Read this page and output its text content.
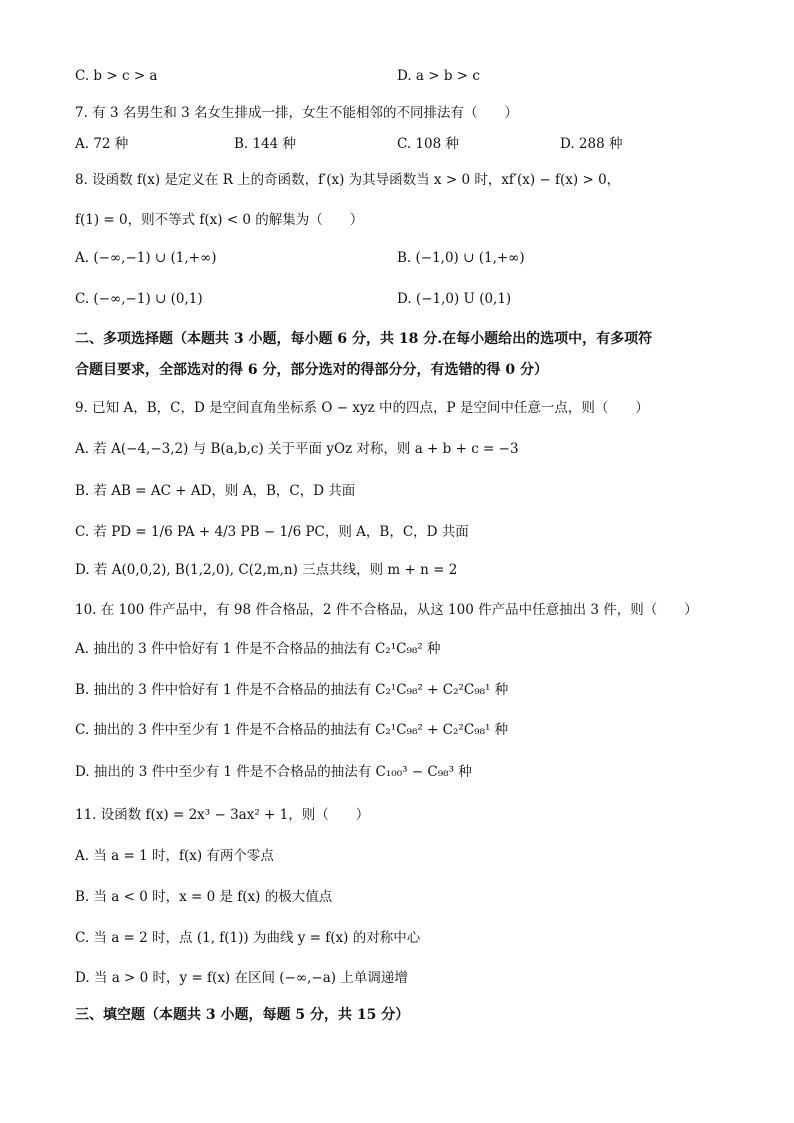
C. b > c > a	D. a > b > c
7. 有 3 名男生和 3 名女生排成一排，女生不能相邻的不同排法有（　　）
A. 72 种	B. 144 种	C. 108 种	D. 288 种
8. 设函数 f(x) 是定义在 R 上的奇函数，f′(x) 为其导函数当 x > 0 时，xf′(x) − f(x) > 0，
f(1) = 0，则不等式 f(x) < 0 的解集为（　　）
A. (−∞,−1) ∪ (1,+∞)	B. (−1,0) ∪ (1,+∞)
C. (−∞,−1) ∪ (0,1)	D. (−1,0) U (0,1)
二、多项选择题（本题共 3 小题，每小题 6 分，共 18 分.在每小题给出的选项中，有多项符
合题目要求，全部选对的得 6 分，部分选对的得部分分，有选错的得 0 分）
9. 已知 A，B，C，D 是空间直角坐标系 O − xyz 中的四点，P 是空间中任意一点，则（　　）
A. 若 A(−4,−3,2) 与 B(a,b,c) 关于平面 yOz 对称，则 a + b + c = −3
B. 若 AB = AC + AD，则 A，B，C，D 共面
C. 若 PD = 1/6 PA + 4/3 PB − 1/6 PC，则 A，B，C，D 共面
D. 若 A(0,0,2), B(1,2,0), C(2,m,n) 三点共线，则 m + n = 2
10. 在 100 件产品中，有 98 件合格品，2 件不合格品，从这 100 件产品中任意抽出 3 件，则（　　）
A. 抽出的 3 件中恰好有 1 件是不合格品的抽法有 C₂¹C₉₈² 种
B. 抽出的 3 件中恰好有 1 件是不合格品的抽法有 C₂¹C₉₈² + C₂²C₉₈¹ 种
C. 抽出的 3 件中至少有 1 件是不合格品的抽法有 C₂¹C₉₈² + C₂²C₉₈¹ 种
D. 抽出的 3 件中至少有 1 件是不合格品的抽法有 C₁₀₀³ − C₉₈³ 种
11. 设函数 f(x) = 2x³ − 3ax² + 1，则（　　）
A. 当 a = 1 时，f(x) 有两个零点
B. 当 a < 0 时，x = 0 是 f(x) 的极大值点
C. 当 a = 2 时，点 (1, f(1)) 为曲线 y = f(x) 的对称中心
D. 当 a > 0 时，y = f(x) 在区间 (−∞,−a) 上单调递增
三、填空题（本题共 3 小题，每题 5 分，共 15 分）
